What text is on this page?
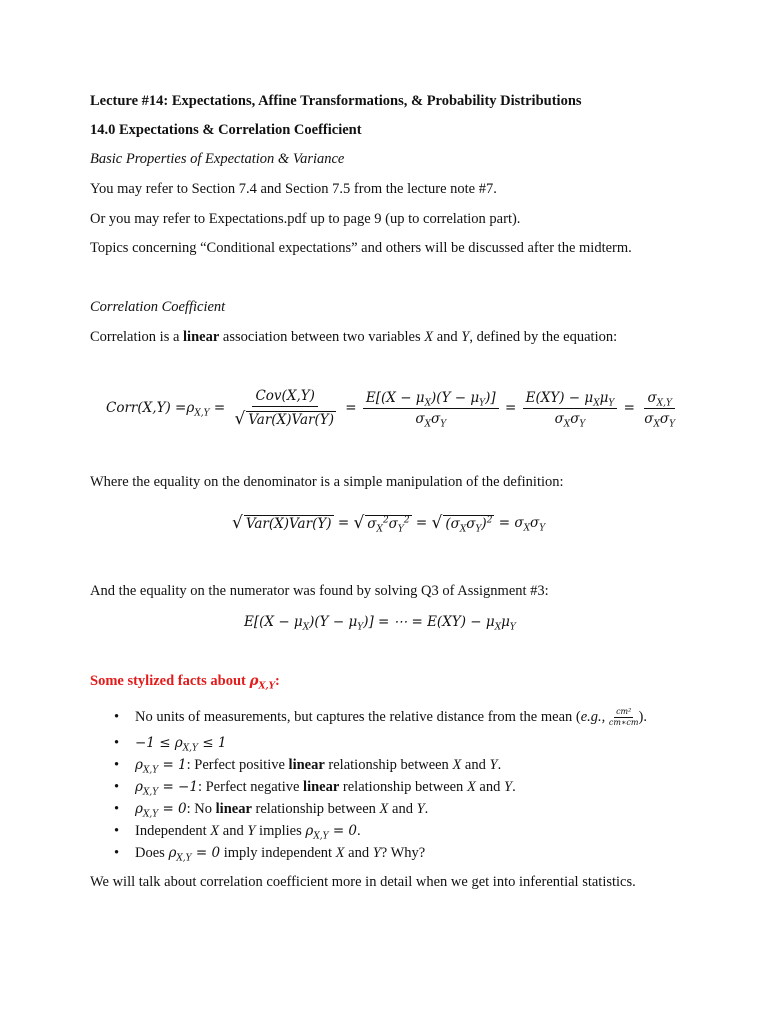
Lecture #14: Expectations, Affine Transformations, & Probability Distributions
14.0 Expectations & Correlation Coefficient
Basic Properties of Expectation & Variance
You may refer to Section 7.4 and Section 7.5 from the lecture note #7.
Or you may refer to Expectations.pdf up to page 9 (up to correlation part).
Topics concerning “Conditional expectations” and others will be discussed after the midterm.
Correlation Coefficient
Correlation is a linear association between two variables X and Y, defined by the equation:
Corr ( X , Y ) = $\rho_{X,Y} = \frac{\text{Cov(X,Y)}}{\text{√ Var(X)Var(Y)}} = \frac{E[(X - \mu_X)(Y - \mu_Y)]}{\sigma_X\sigma_Y} = \frac{E(XY) - \mu_X\mu_Y}{\sigma_X\sigma_Y} = \frac{\sigma_{X,Y}}{\sigma_X\sigma_Y}$
Where the equality on the denominator is a simple manipulation of the definition:
√ Var(X)Var(Y) = √ $\sigma_X^2\sigma_Y^2$ = √ $(\sigma_X\sigma_Y)^2 = \sigma_X\sigma_Y$
And the equality on the numerator was found by solving Q3 of Assignment #3:
$E[(X - \mu_X)(Y - \mu_Y)]$ = ⋯ = $E(XY) - \mu_X\mu_Y$
Some stylized facts about $\rho_{X,Y}$:
• No units of measurements, but captures the relative distance from the mean (e.g., $\frac{\text{cm²}}{cm∗cm}$ ).
• $-1 \le \rho_{X,Y} \le 1$
• $\rho_{X,Y} = 1$: Perfect positive linear relationship between X and Y.
• $\rho_{X,Y} = -1$: Perfect negative linear relationship between X and Y.
• $\rho_{X,Y} = 0$: No linear relationship between X and Y.
• Independent X and Y implies $\rho_{X,Y} = 0$.
• Does $\rho_{X,Y} = 0$ imply independent X and Y? Why?
We will talk about correlation coefficient more in detail when we get into inferential statistics.
